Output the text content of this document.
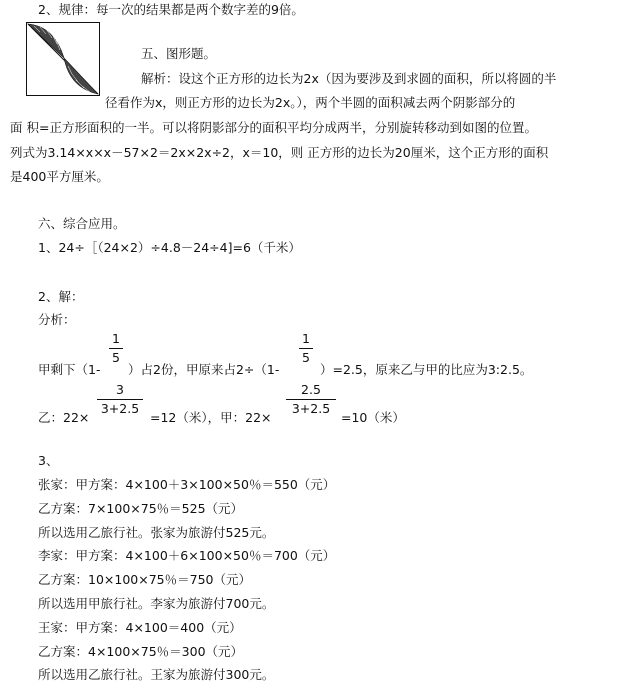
2、规律：每一次的结果都是两个数字差的9倍。
五、图形题。
解析：设这个正方形的边长为2x（因为要涉及到求圆的面积，所以将圆的半
径看作为x，则正方形的边长为2x。），两个半圆的面积减去两个阴影部分的
面 积=正方形面积的一半。可以将阴影部分的面积平均分成两半，分别旋转移动到如图的位置。
列式为3.14×x×x－57×2＝2x×2x÷2，x＝10，则 正方形的边长为20厘米，这个正方形的面积
是400平方厘米。
六、综合应用。
1、24÷［（24×2）÷4.8－24÷4]=6（千米）
2、解：
分析：
甲剩下（1-
1
5
）占2份，甲原来占2÷（1-
1
5
）=2.5，原来乙与甲的比应为3:2.5。
乙：22×
3
3+2.5
=12（米），甲：22×
2.5
3+2.5
=10（米）
3、
张家：甲方案：4×100＋3×100×50％＝550（元）
乙方案：7×100×75％＝525（元）
所以选用乙旅行社。张家为旅游付525元。
李家：甲方案：4×100＋6×100×50％＝700（元）
乙方案：10×100×75％＝750（元）
所以选用甲旅行社。李家为旅游付700元。
王家：甲方案：4×100＝400（元）
乙方案：4×100×75％＝300（元）
所以选用乙旅行社。王家为旅游付300元。
